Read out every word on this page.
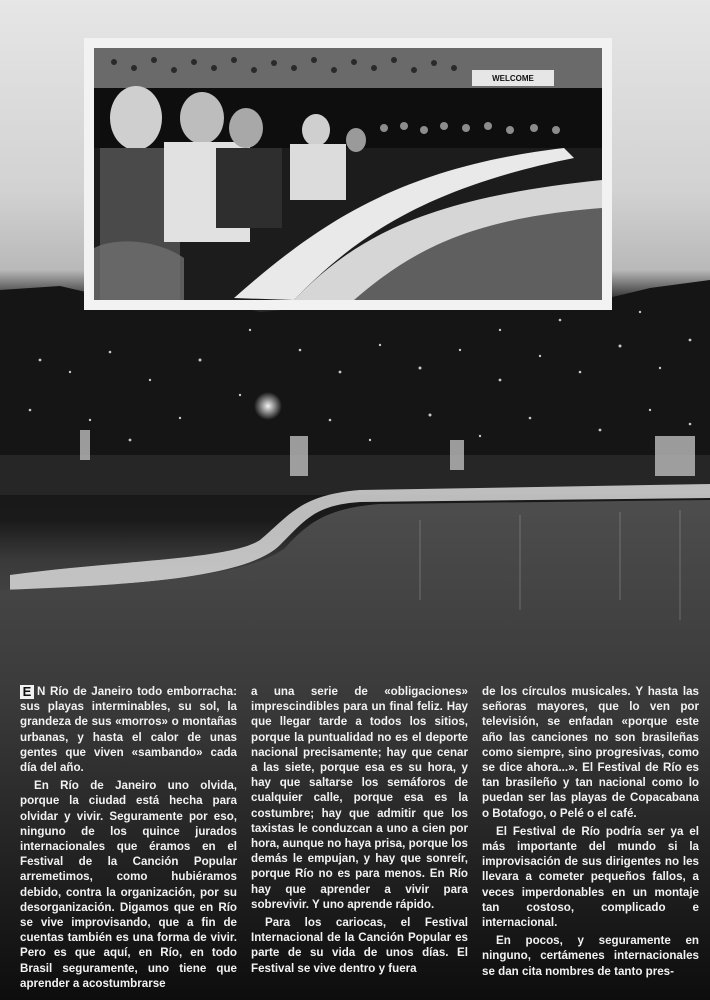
WELCOME

E N Río de Janeiro todo emborracha: sus playas interminables, su sol, la grandeza de sus «morros» o montañas urbanas, y hasta el calor de unas gentes que viven «sambando» cada día del año.

En Río de Janeiro uno olvida, porque la ciudad está hecha para olvidar y vivir. Seguramente por eso, ninguno de los quince jurados internacionales que éramos en el Festival de la Canción Popular arremetimos, como hubiéramos debido, contra la organización, por su desorganización. Digamos que en Río se vive improvisando, que a fin de cuentas también es una forma de vivir. Pero es que aquí, en Río, en todo Brasil seguramente, uno tiene que aprender a acostumbrarse

a una serie de «obligaciones» imprescindibles para un final feliz. Hay que llegar tarde a todos los sitios, porque la puntualidad no es el deporte nacional precisamente; hay que cenar a las siete, porque esa es su hora, y hay que saltarse los semáforos de cualquier calle, porque esa es la costumbre; hay que admitir que los taxistas le conduzcan a uno a cien por hora, aunque no haya prisa, porque los demás le empujan, y hay que sonreír, porque Río no es para menos. En Río hay que aprender a vivir para sobrevivir. Y uno aprende rápido.

Para los cariocas, el Festival Internacional de la Canción Popular es parte de su vida de unos días. El Festival se vive dentro y fuera

de los círculos musicales. Y hasta las señoras mayores, que lo ven por televisión, se enfadan «porque este año las canciones no son brasileñas como siempre, sino progresivas, como se dice ahora...». El Festival de Río es tan brasileño y tan nacional como lo puedan ser las playas de Copacabana o Botafogo, o Pelé o el café.

El Festival de Río podría ser ya el más importante del mundo si la improvisación de sus dirigentes no les llevara a cometer pequeños fallos, a veces imperdonables en un montaje tan costoso, complicado e internacional.

En pocos, y seguramente en ninguno, certámenes internacionales se dan cita nombres de tanto pres-
